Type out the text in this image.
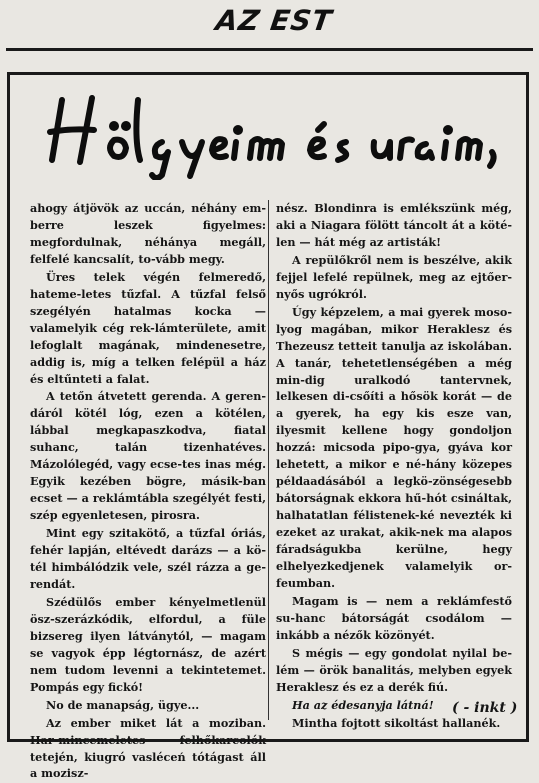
AZ EST

ahogy átjövök az uccán, néhány em-berre leszek figyelmes: megfordulnak, néhánya megáll, felfelé kancsalít, to-vább megy.

Üres telek végén felmeredő, hateme-letes tűzfal. A tűzfal felső szegélyén hatalmas kocka — valamelyik cég rek-lámterülete, amit lefoglalt magának, mindenesetre, addig is, míg a telken felépül a ház és eltűnteti a falat.

A tetőn átvetett gerenda. A geren-dáról kötél lóg, ezen a kötélen, lábbal megkapaszkodva, fiatal suhanc, talán tizenhatéves. Mázolólegéd, vagy ecse-tes inas még. Egyik kezében bögre, másik-ban ecset — a reklámtábla szegélyét festi, szép egyenletesen, pirosra.

Mint egy szitakötő, a tűzfal óriás, fehér lapján, eltévedt darázs — a kö-tél himbálódzik vele, szél rázza a ge-rendát.

Szédülős ember kényelmetlenül ösz-szerázkódik, elfordul, a füle bizsereg ilyen látványtól, — magam se vagyok épp légtornász, de azért nem tudom levenni a tekintetemet. Pompás egy fickó!

No de manapság, ügye...

Az ember miket lát a moziban. Har-mincemeletes felhőkarcolók tetején, kiugró vasléceń tótágast áll a mozisz-

nész. Blondinra is emlékszünk még, aki a Niagara fölött táncolt át a köté-len — hát még az artisták!

A repülőkről nem is beszélve, akik fejjel lefelé repülnek, meg az ejtőer-nyős ugrókról.

Úgy képzelem, a mai gyerek moso-lyog magában, mikor Heraklesz és Thezeusz tetteit tanulja az iskolában. A tanár, tehetetlenségében a még min-dig uralkodó tantervnek, lelkesen di-csőíti a hősök korát — de a gyerek, ha egy kis esze van, ilyesmit kellene hogy gondoljon hozzá: micsoda pipo-gya, gyáva kor lehetett, a mikor e né-hány közepes példaadásából a legkö-zönségesebb bátorságnak ekkora hű-hót csináltak, halhatatlan félistenek-ké nevezték ki ezeket az urakat, akik-nek ma alapos fáradságukba kerülne, hegy elhelyezkedjenek valamelyik or-feumban.

Magam is — nem a reklámfestő su-hanc bátorságát csodálom — inkább a nézők közönyét.

S mégis — egy gondolat nyilal be-lém — örök banalitás, melyben egyek Heraklesz és ez a derék fiú.

Ha az édesanyja látná!

Mintha fojtott sikoltást hallanék.

( - inkt )
